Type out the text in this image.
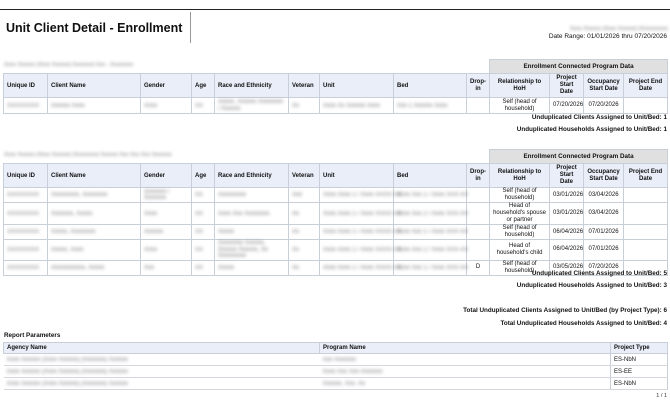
Unit Client Detail - Enrollment	Xxxx Xxxxxx (Xxxx Xxxxxx) (Xxxxxxxxx)
Date Range: 01/01/2026 thru 07/20/2026
Xxxx Xxxxxx (Xxxx Xxxxxx) Xxxxxxx) Xxx - Xxxxxxxx
									Enrollment Connected Program Data			
Unique ID	Client Name	Gender	Age	Race and Ethnicity	Veteran	Unit	Bed	Drop-in	Relationship to HoH	Project Start Date	Occupancy Start Date	Project End Date
XXXXXXXX	Xxxxxx Xxxx	Xxxx	XX	Xxxxx, Xxxxxx Xxxxxxxx / Xxxxxx	Xx	Xxxx Xx Xxxxxx Xxxx	Xxx 1 Xxxxxx Xxxx		Self (head of household)	07/20/2026	07/20/2026	
Unduplicated Clients Assigned to Unit/Bed: 1
Unduplicated Households Assigned to Unit/Bed: 1
Xxxx Xxxxxx (Xxxx Xxxxxx) (Xxxxxxxx) Xxxxxx Xxx Xxx Xxx Xxxxxxx
									Enrollment Connected Program Data			
Unique ID	Client Name	Gender	Age	Race and Ethnicity	Veteran	Unit	Bed	Drop-in	Relationship to HoH	Project Start Date	Occupancy Start Date	Project End Date
XXXXXXXX	Xxxxxxxxx, Xxxxxxxx	Xxxxxxx / Xxxxxxx	XX	Xxxxxxxxx	Xxx	Xxxx Xxxx 1 / Xxxx XXXX-XX	Xxxx Xxx 1 / Xxxx XXX-XX		Self (head of household)	03/01/2026	03/04/2026	
XXXXXXXX	Xxxxxxx, Xxxxx	Xxxx	XX	Xxxx Xxx Xxxxxxxx	Xx	Xxxx Xxxx 1 / Xxxx XXXX-XX	Xxxx Xxx 2 / Xxxx XXX-XX		Head of household's spouse or partner	03/01/2026	03/04/2026	
XXXXXXXX	Xxxxx, Xxxxxxxx	Xxxxxx	XX	Xxxxx	Xx	Xxxx Xxxx 1 / Xxxx XXXX-XX	Xxxx Xxx 1 / Xxxx XXX-XX		Self (head of household)	06/04/2026	07/01/2026	
XXXXXXXX	Xxxxx, Xxxx	Xxxx	XX	Xxxxxxxx Xxxxxx, Xxxxxx Xxxxxx, Xx Xxxxxxxxx	Xx	Xxxx Xxxx 1 / Xxxx XXXX-XX	Xxxx Xxx 2 / Xxxx XXX-XX		Head of household's child	06/04/2026	07/01/2026	
XXXXXXXX	Xxxxxxxxxxx, Xxxxx	Xxx	XX	Xxxxx	Xx	Xxxx Xxxx 1 / Xxxx XXXX-XX	Xxxx Xxx 1 / Xxxx XXX-XX	D	Self (head of household)	03/05/2026	07/20/2026	
Unduplicated Clients Assigned to Unit/Bed: 5
Unduplicated Households Assigned to Unit/Bed: 3
Total Unduplicated Clients Assigned to Unit/Bed (by Project Type): 6
Total Unduplicated Households Assigned to Unit/Bed: 4
Report Parameters
Agency Name	Program Name	Project Type
Xxxx Xxxxxx (Xxxx Xxxxxx) (Xxxxxxx) Xxxxxx	Xxx Xxxxxxx	ES-NbN
Xxxx Xxxxxx (Xxxx Xxxxxx) (Xxxxxxx) Xxxxxx	Xxxx Xxx Xxx Xxxxxxx	ES-EE
Xxxx Xxxxxx (Xxxx Xxxxxx) (Xxxxxxx) Xxxxxx	Xxxxxx, Xxx, Xx	ES-NbN
1 / 1
